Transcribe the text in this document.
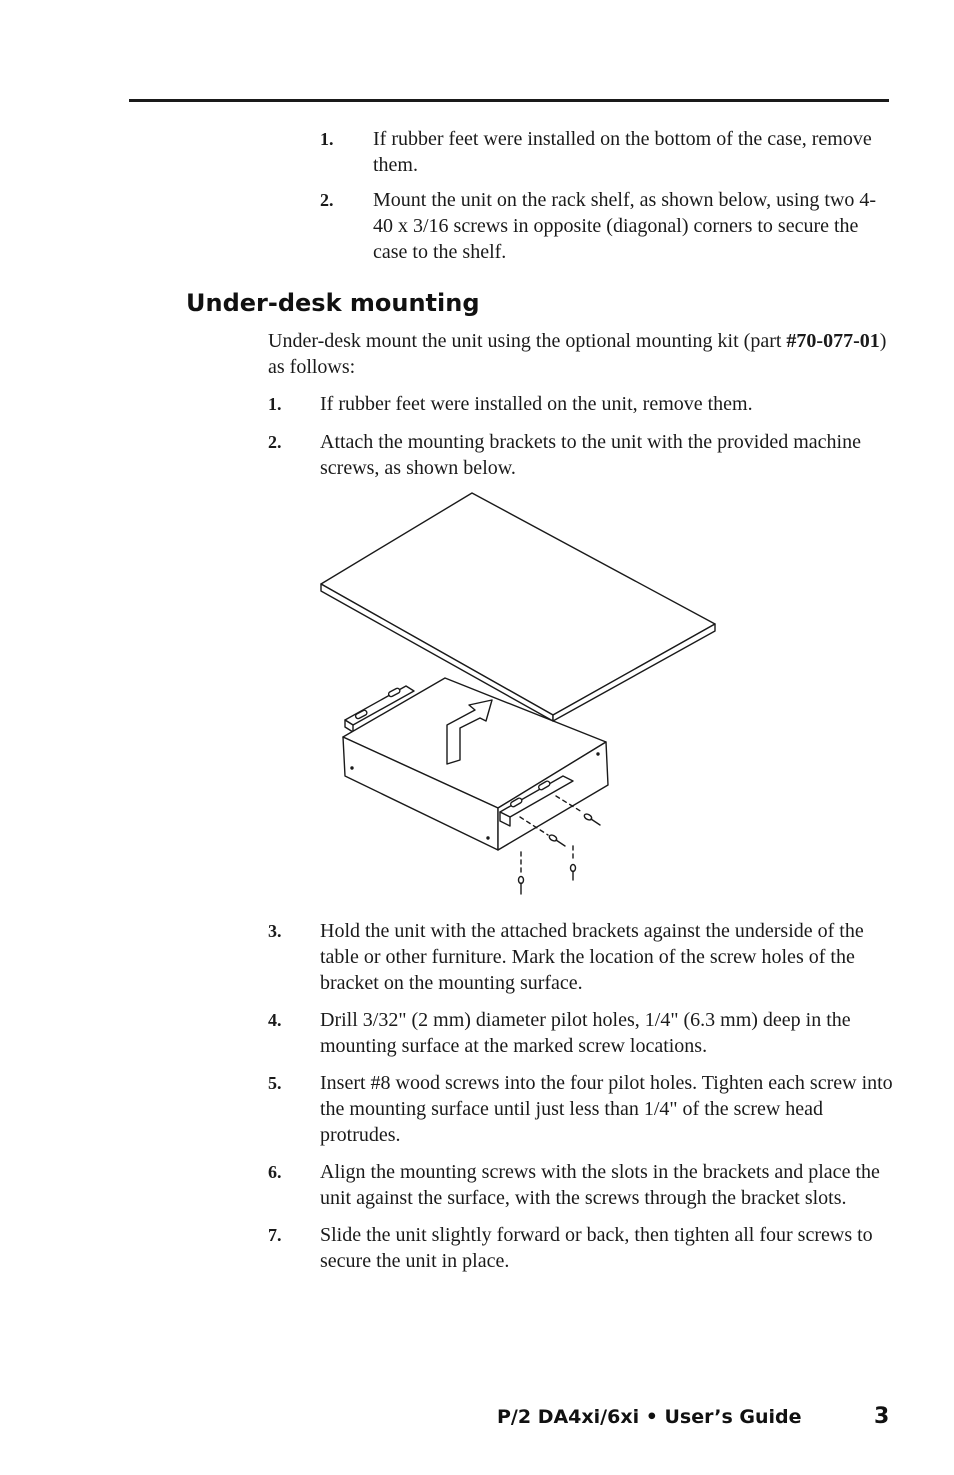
1. If rubber feet were installed on the bottom of the case, remove them.
2. Mount the unit on the rack shelf, as shown below, using two 4-40 x 3/16 screws in opposite (diagonal) corners to secure the case to the shelf.
Under-desk mounting

Under-desk mount the unit using the optional mounting kit (part #70-077-01) as follows:

1. If rubber feet were installed on the unit, remove them.
2. Attach the mounting brackets to the unit with the provided machine screws, as shown below.
3. Hold the unit with the attached brackets against the underside of the table or other furniture. Mark the location of the screw holes of the bracket on the mounting surface.
4. Drill 3/32" (2 mm) diameter pilot holes, 1/4" (6.3 mm) deep in the mounting surface at the marked screw locations.
5. Insert #8 wood screws into the four pilot holes. Tighten each screw into the mounting surface until just less than 1/4" of the screw head protrudes.
6. Align the mounting screws with the slots in the brackets and place the unit against the surface, with the screws through the bracket slots.
7. Slide the unit slightly forward or back, then tighten all four screws to secure the unit in place.

P/2 DA4xi/6xi • User’s Guide	3
